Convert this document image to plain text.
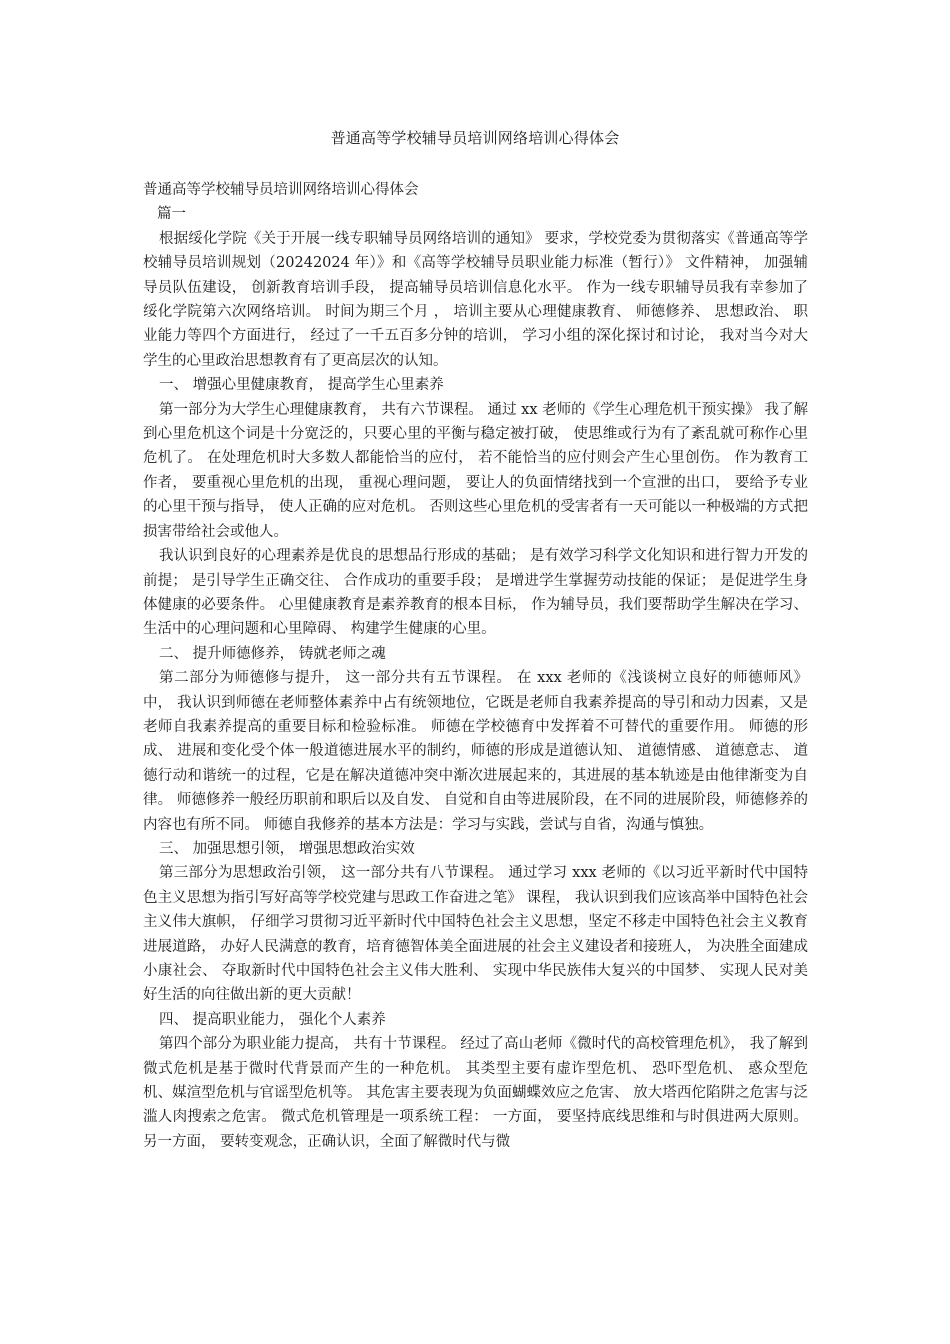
普通高等学校辅导员培训网络培训心得体会

普通高等学校辅导员培训网络培训心得体会

篇一

根据绥化学院《关于开展一线专职辅导员网络培训的通知》 要求，学校党委为贯彻落实《普通高等学校辅导员培训规划（20242024 年）》和《高等学校辅导员职业能力标准（暂行）》 文件精神， 加强辅导员队伍建设， 创新教育培训手段， 提高辅导员培训信息化水平。 作为一线专职辅导员我有幸参加了绥化学院第六次网络培训。 时间为期三个月 ， 培训主要从心理健康教育、 师德修养、 思想政治、 职业能力等四个方面进行， 经过了一千五百多分钟的培训， 学习小组的深化探讨和讨论， 我对当今对大学生的心里政治思想教育有了更高层次的认知。

一、 增强心里健康教育， 提高学生心里素养

第一部分为大学生心理健康教育， 共有六节课程。 通过 xx 老师的《学生心理危机干预实操》 我了解到心里危机这个词是十分宽泛的，只要心里的平衡与稳定被打破， 使思维或行为有了紊乱就可称作心里危机了。 在处理危机时大多数人都能恰当的应付， 若不能恰当的应付则会产生心里创伤。 作为教育工作者， 要重视心里危机的出现， 重视心理问题， 要让人的负面情绪找到一个宣泄的出口， 要给予专业的心里干预与指导， 使人正确的应对危机。 否则这些心里危机的受害者有一天可能以一种极端的方式把损害带给社会或他人。

我认识到良好的心理素养是优良的思想品行形成的基础； 是有效学习科学文化知识和进行智力开发的前提； 是引导学生正确交往、 合作成功的重要手段； 是增进学生掌握劳动技能的保证； 是促进学生身体健康的必要条件。 心里健康教育是素养教育的根本目标， 作为辅导员，我们要帮助学生解决在学习、 生活中的心理问题和心里障碍、 构建学生健康的心里。

二、 提升师德修养， 铸就老师之魂

第二部分为师德修与提升， 这一部分共有五节课程。 在 xxx 老师的《浅谈树立良好的师德师风》 中， 我认识到师德在老师整体素养中占有统领地位，它既是老师自我素养提高的导引和动力因素，又是老师自我素养提高的重要目标和检验标准。 师德在学校德育中发挥着不可替代的重要作用。 师德的形成、 进展和变化受个体一般道德进展水平的制约，师德的形成是道德认知、 道德情感、 道德意志、 道德行动和谐统一的过程，它是在解决道德冲突中渐次进展起来的，其进展的基本轨迹是由他律渐变为自律。 师德修养一般经历职前和职后以及自发、 自觉和自由等进展阶段，在不同的进展阶段，师德修养的内容也有所不同。 师德自我修养的基本方法是：学习与实践，尝试与自省，沟通与慎独。

三、 加强思想引领， 增强思想政治实效

第三部分为思想政治引领， 这一部分共有八节课程。 通过学习 xxx 老师的《以习近平新时代中国特色主义思想为指引写好高等学校党建与思政工作奋进之笔》 课程， 我认识到我们应该高举中国特色社会主义伟大旗帜， 仔细学习贯彻习近平新时代中国特色社会主义思想，坚定不移走中国特色社会主义教育进展道路， 办好人民满意的教育，培育德智体美全面进展的社会主义建设者和接班人， 为决胜全面建成小康社会、 夺取新时代中国特色社会主义伟大胜利、 实现中华民族伟大复兴的中国梦、 实现人民对美好生活的向往做出新的更大贡献！

四、 提高职业能力， 强化个人素养

第四个部分为职业能力提高， 共有十节课程。 经过了高山老师《微时代的高校管理危机》， 我了解到微式危机是基于微时代背景而产生的一种危机。 其类型主要有虚诈型危机、 恐吓型危机、 惑众型危 机、媒渲型危机与官谣型危机等。 其危害主要表现为负面蝴蝶效应之危害、 放大塔西佗陷阱之危害与泛滥人肉搜索之危害。 微式危机管理是一项系统工程： 一方面， 要坚持底线思维和与时俱进两大原则。 另一方面， 要转变观念，正确认识，全面了解微时代与微
